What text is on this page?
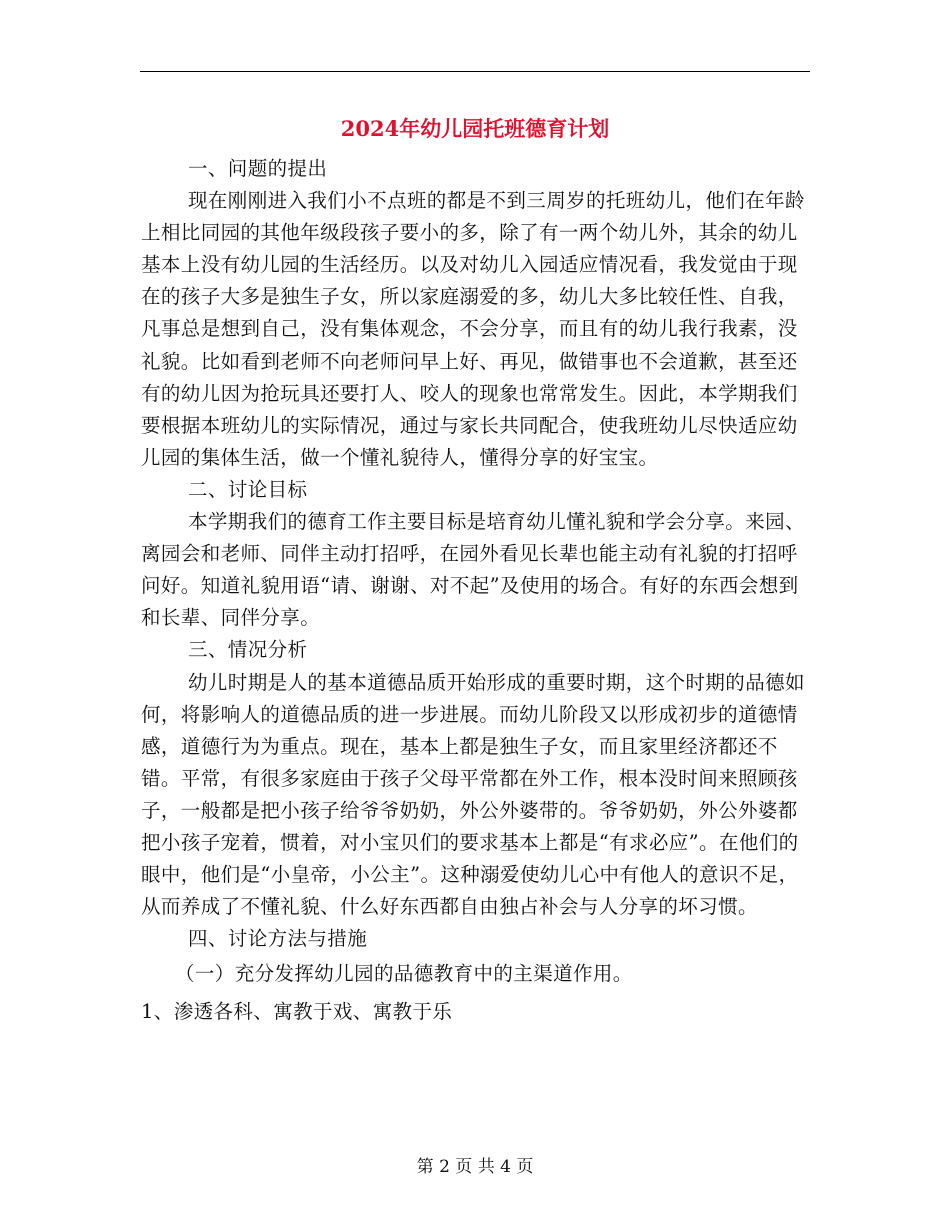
2024年幼儿园托班德育计划

一、问题的提出

现在刚刚进入我们小不点班的都是不到三周岁的托班幼儿，他们在年龄上相比同园的其他年级段孩子要小的多，除了有一两个幼儿外，其余的幼儿基本上没有幼儿园的生活经历。以及对幼儿入园适应情况看，我发觉由于现在的孩子大多是独生子女，所以家庭溺爱的多，幼儿大多比较任性、自我，凡事总是想到自己，没有集体观念，不会分享，而且有的幼儿我行我素，没礼貌。比如看到老师不向老师问早上好、再见，做错事也不会道歉，甚至还有的幼儿因为抢玩具还要打人、咬人的现象也常常发生。因此，本学期我们要根据本班幼儿的实际情况，通过与家长共同配合，使我班幼儿尽快适应幼儿园的集体生活，做一个懂礼貌待人，懂得分享的好宝宝。

二、讨论目标

本学期我们的德育工作主要目标是培育幼儿懂礼貌和学会分享。来园、离园会和老师、同伴主动打招呼，在园外看见长辈也能主动有礼貌的打招呼问好。知道礼貌用语“请、谢谢、对不起”及使用的场合。有好的东西会想到和长辈、同伴分享。

三、情况分析

幼儿时期是人的基本道德品质开始形成的重要时期，这个时期的品德如何，将影响人的道德品质的进一步进展。而幼儿阶段又以形成初步的道德情感，道德行为为重点。现在，基本上都是独生子女，而且家里经济都还不错。平常，有很多家庭由于孩子父母平常都在外工作，根本没时间来照顾孩子，一般都是把小孩子给爷爷奶奶，外公外婆带的。爷爷奶奶，外公外婆都把小孩子宠着，惯着，对小宝贝们的要求基本上都是“有求必应”。在他们的眼中，他们是“小皇帝，小公主”。这种溺爱使幼儿心中有他人的意识不足，从而养成了不懂礼貌、什么好东西都自由独占补会与人分享的坏习惯。

四、讨论方法与措施

（一）充分发挥幼儿园的品德教育中的主渠道作用。

1、渗透各科、寓教于戏、寓教于乐

第 2 页 共 4 页
